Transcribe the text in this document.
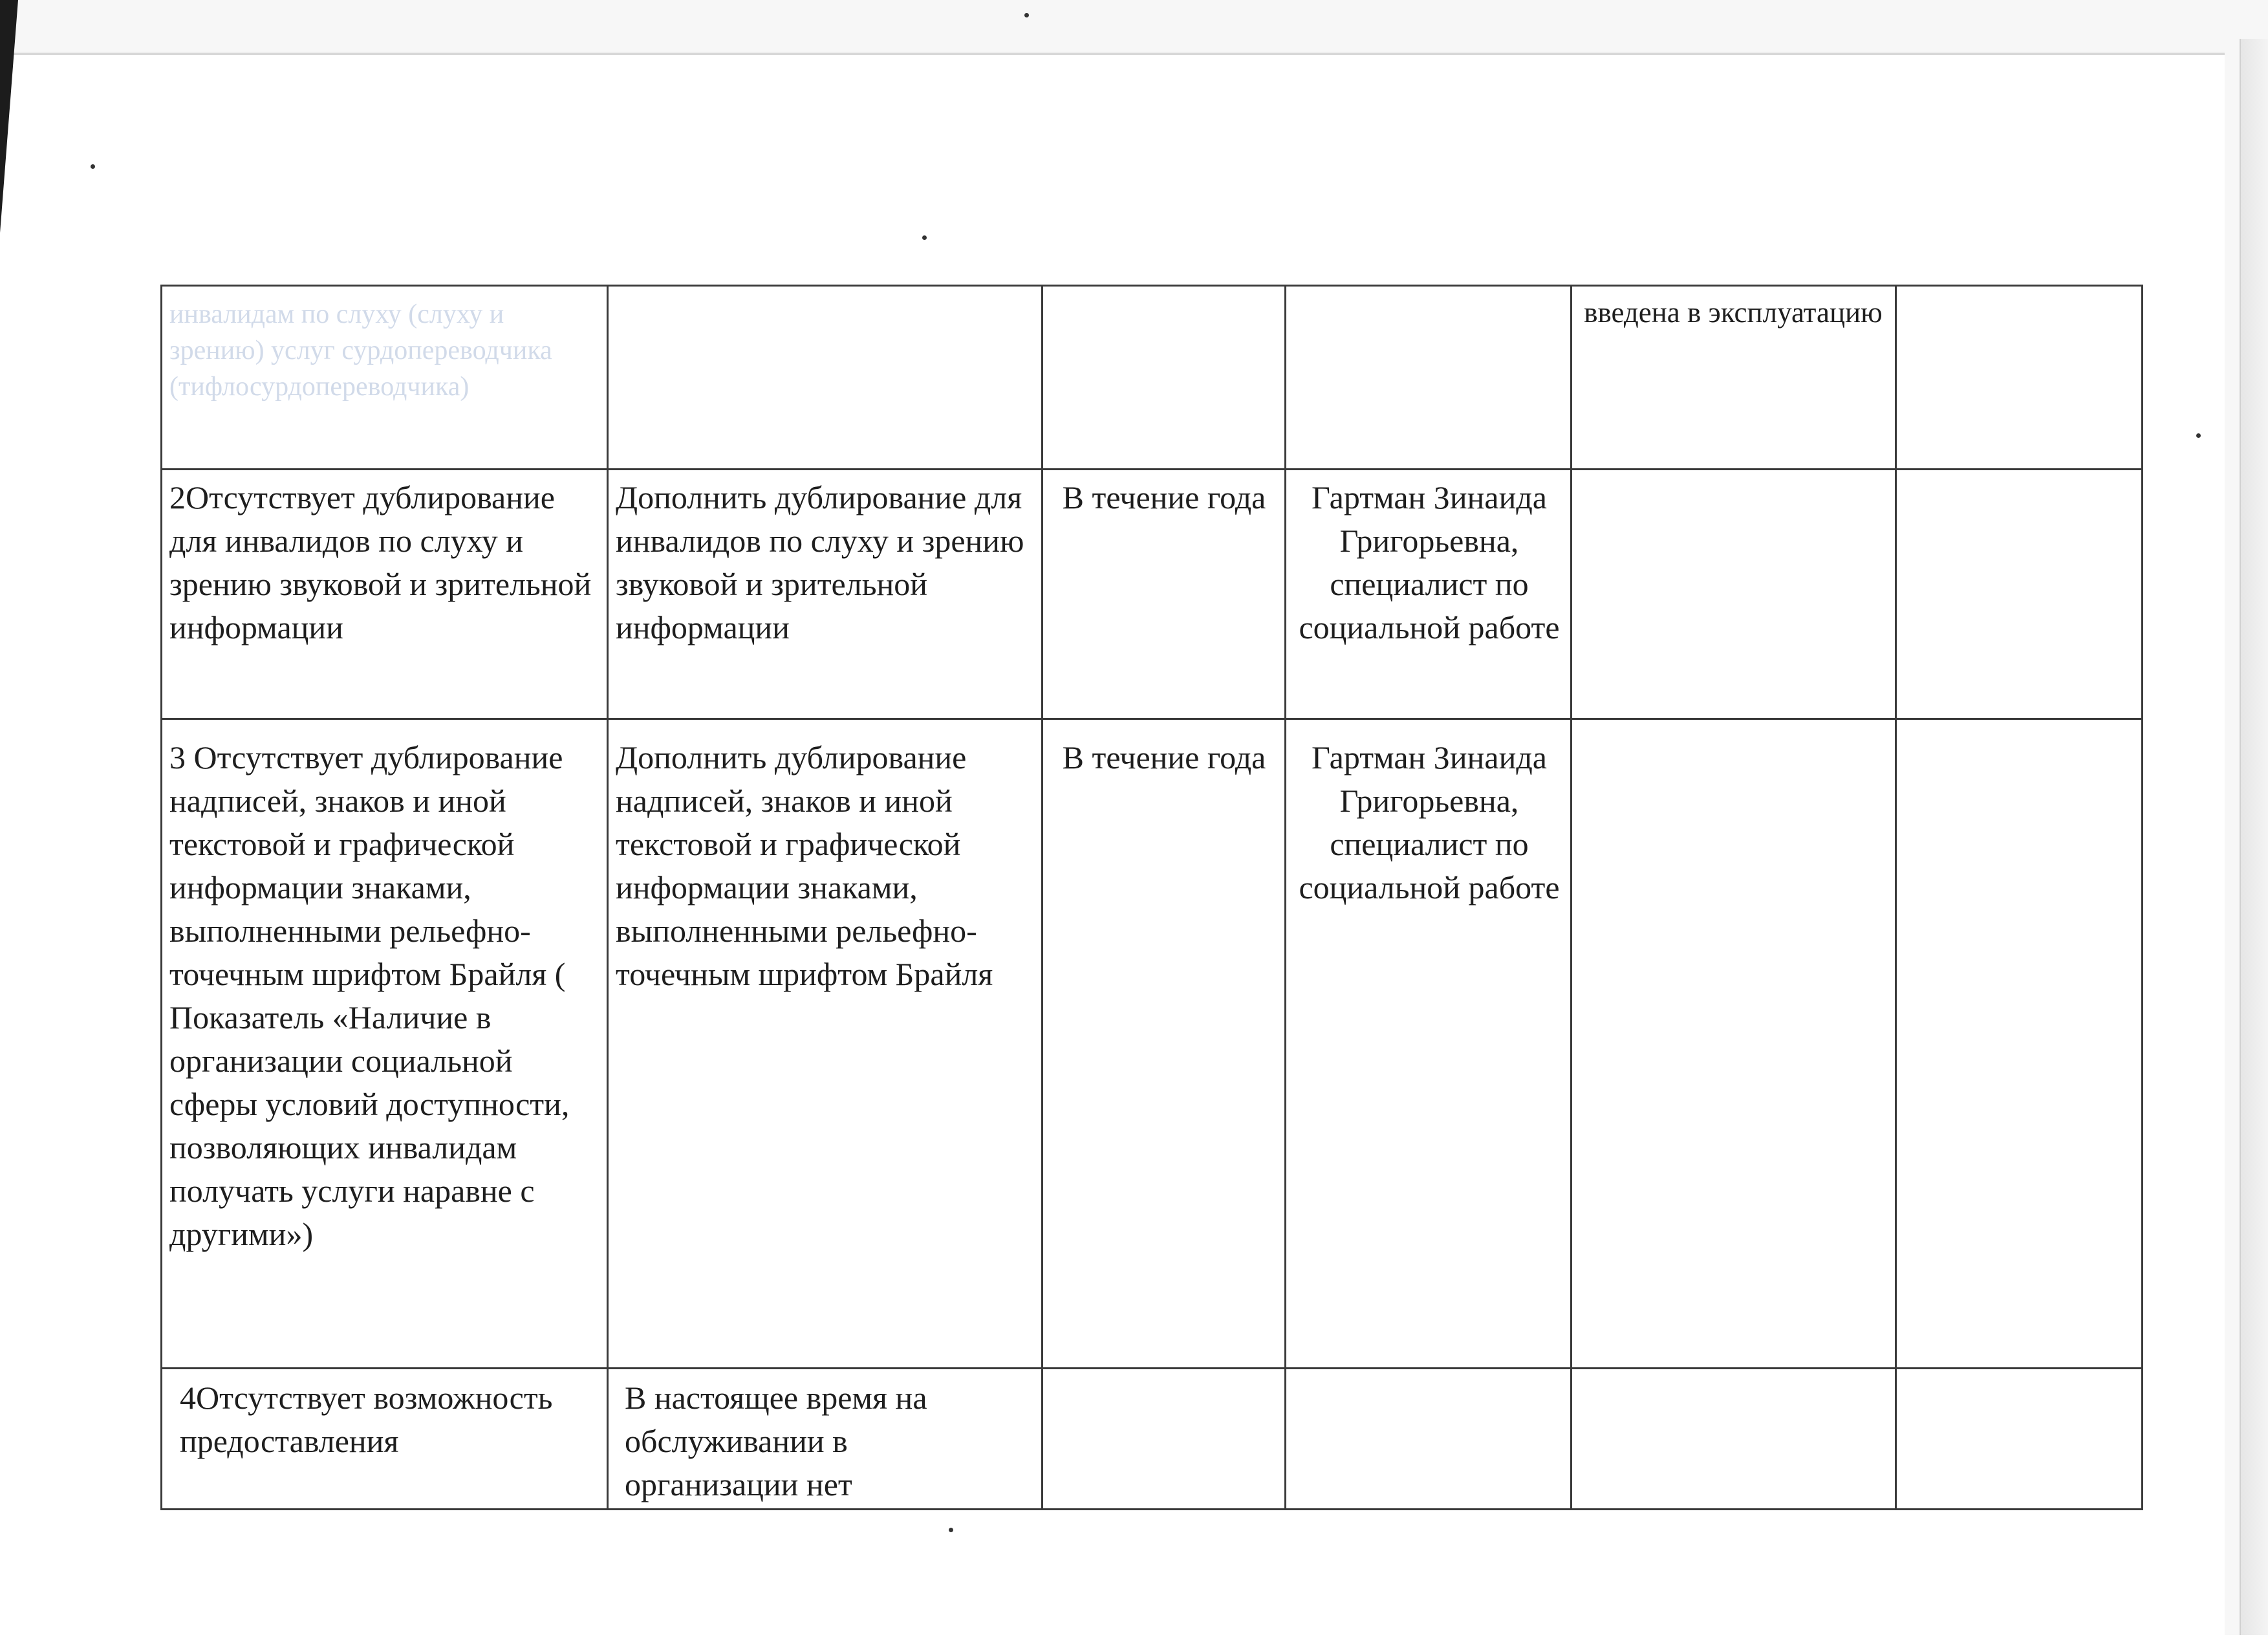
инвалидам по слуху (слуху и зрению) услуг сурдопереводчика (тифлосурдопереводчика)
введена в эксплуатацию
2Отсутствует дублирование для инвалидов по слуху и зрению звуковой и зрительной информации
Дополнить дублирование для инвалидов по слуху и зрению звуковой и зрительной информации
В течение года	Гартман Зинаида Григорьевна, специалист по социальной работе
3 Отсутствует дублирование надписей, знаков и иной текстовой и графической информации знаками, выполненными рельефно- точечным шрифтом Брайля ( Показатель «Наличие в организации социальной сферы условий доступности, позволяющих инвалидам получать услуги наравне с другими»)
Дополнить дублирование надписей, знаков и иной текстовой и графической информации знаками, выполненными рельефно- точечным шрифтом Брайля
В течение года	Гартман Зинаида Григорьевна, специалист по социальной работе
4Отсутствует возможность предоставления
В настоящее время на обслуживании в организации нет
